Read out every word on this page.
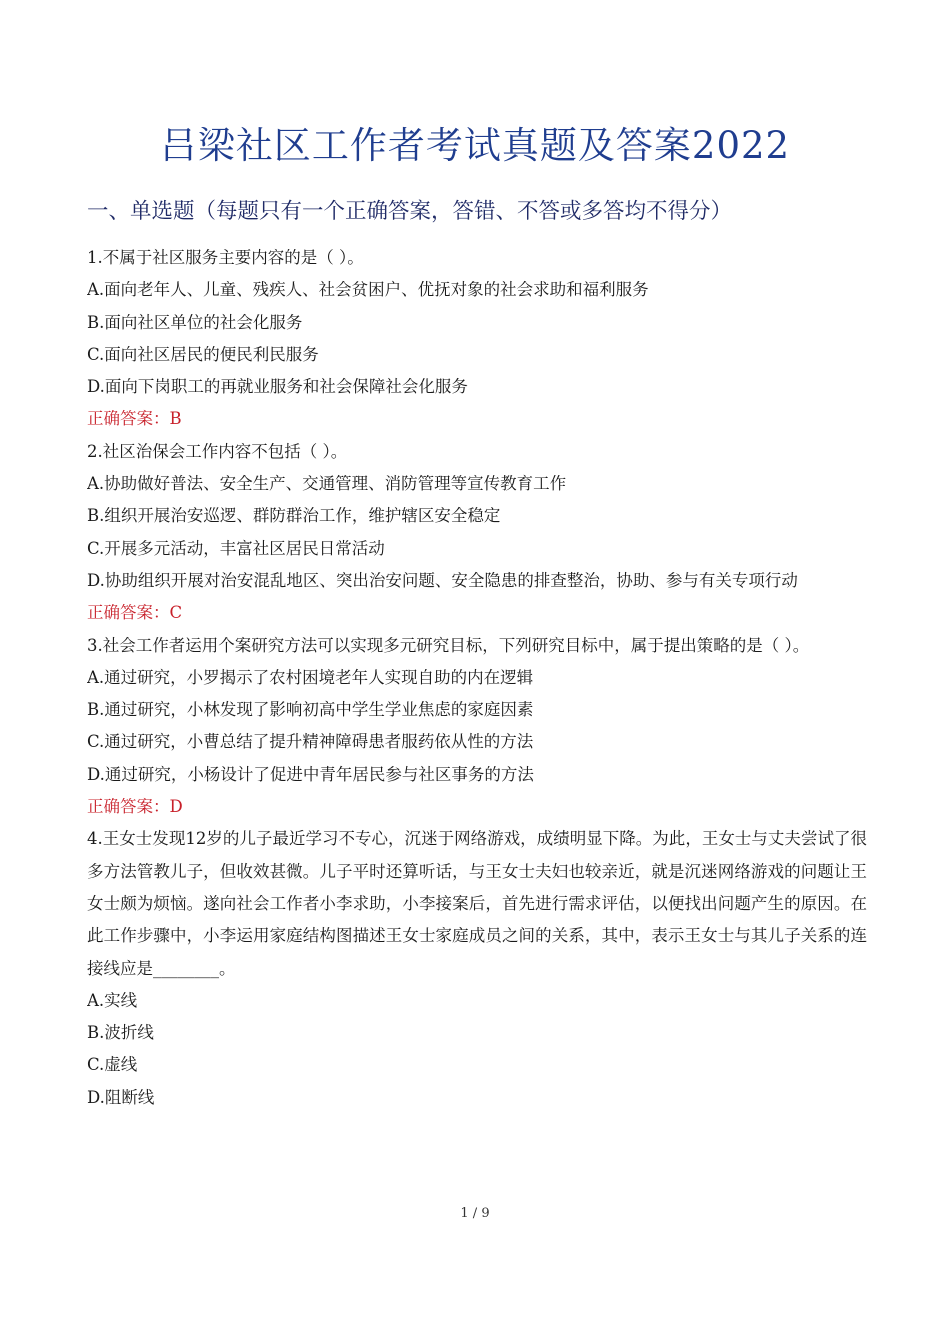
吕梁社区工作者考试真题及答案2022
一、单选题（每题只有一个正确答案，答错、不答或多答均不得分）
1.不属于社区服务主要内容的是（ ）。
A.面向老年人、儿童、残疾人、社会贫困户、优抚对象的社会求助和福利服务
B.面向社区单位的社会化服务
C.面向社区居民的便民利民服务
D.面向下岗职工的再就业服务和社会保障社会化服务
正确答案：B
2.社区治保会工作内容不包括（ ）。
A.协助做好普法、安全生产、交通管理、消防管理等宣传教育工作
B.组织开展治安巡逻、群防群治工作，维护辖区安全稳定
C.开展多元活动，丰富社区居民日常活动
D.协助组织开展对治安混乱地区、突出治安问题、安全隐患的排查整治，协助、参与有关专项行动
正确答案：C
3.社会工作者运用个案研究方法可以实现多元研究目标，下列研究目标中，属于提出策略的是（ ）。
A.通过研究，小罗揭示了农村困境老年人实现自助的内在逻辑
B.通过研究，小林发现了影响初高中学生学业焦虑的家庭因素
C.通过研究，小曹总结了提升精神障碍患者服药依从性的方法
D.通过研究，小杨设计了促进中青年居民参与社区事务的方法
正确答案：D
4.王女士发现12岁的儿子最近学习不专心，沉迷于网络游戏，成绩明显下降。为此，王女士与丈夫尝试了很多方法管教儿子，但收效甚微。儿子平时还算听话，与王女士夫妇也较亲近，就是沉迷网络游戏的问题让王女士颇为烦恼。遂向社会工作者小李求助，小李接案后，首先进行需求评估，以便找出问题产生的原因。在此工作步骤中，小李运用家庭结构图描述王女士家庭成员之间的关系，其中，表示王女士与其儿子关系的连接线应是________。
A.实线
B.波折线
C.虚线
D.阻断线
1 / 9
